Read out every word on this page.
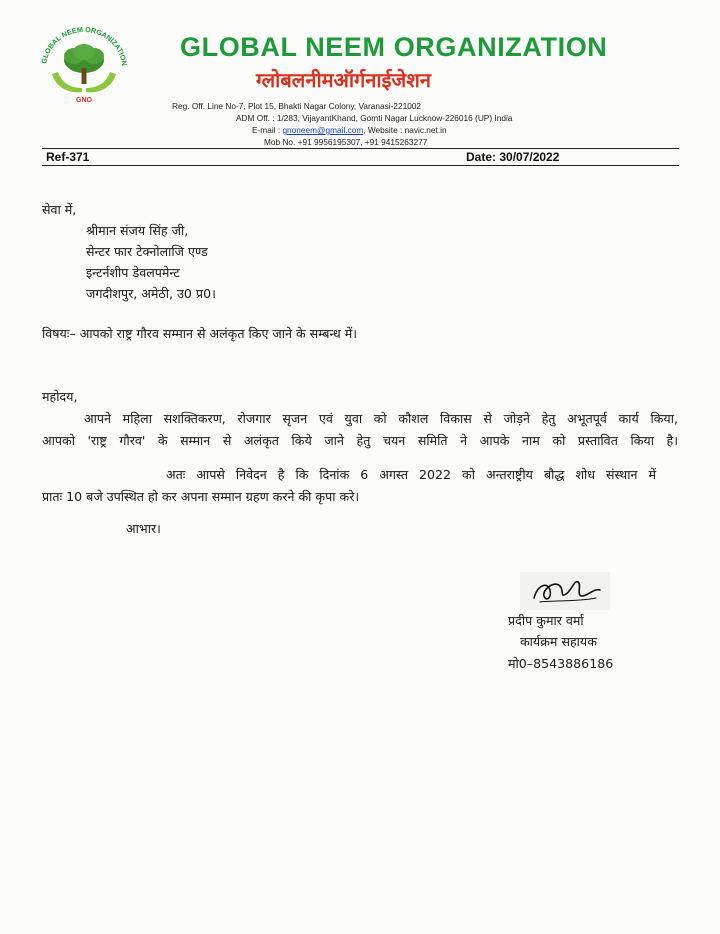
GLOBAL NEEM ORGANIZATION
GNO
GLOBAL NEEM ORGANIZATION
ग्लोबलनीमऑर्गनाईजेशन
Reg. Off. Line No-7, Plot 15, Bhakti Nagar Colony, Varanasi-221002
ADM Off. : 1/283, VijayantKhand, Gomti Nagar Lucknow-226016 (UP) India
E-mail : gnoneem@gmail.com, Website : navic.net.in
Mob No. +91 9956195307, +91 9415263277
Ref-371	Date: 30/07/2022
सेवा में,
श्रीमान संजय सिंह जी,
सेन्टर फार टेक्नोलाजि एण्ड
इन्टर्नशीप डेवलपमेन्ट
जगदीशपुर, अमेठी, उ0 प्र0।
विषयः– आपको राष्ट्र गौरव सम्मान से अलंकृत किए जाने के सम्बन्ध में।
महोदय,
आपने महिला सशक्तिकरण, रोजगार सृजन एवं युवा को कौशल विकास से जोड़ने हेतु अभूतपूर्व कार्य किया,
आपको 'राष्ट्र गौरव' के सम्मान से अलंकृत किये जाने हेतु चयन समिति ने आपके नाम को प्रस्तावित किया है।
अतः आपसे निवेदन है कि दिनांक 6 अगस्त 2022 को अन्तराष्ट्रीय बौद्ध शोध संस्थान में
प्रातः 10 बजे उपस्थित हो कर अपना सम्मान ग्रहण करने की कृपा करे।
आभार।
प्रदीप कुमार वर्मा
कार्यक्रम सहायक
मो0–8543886186
